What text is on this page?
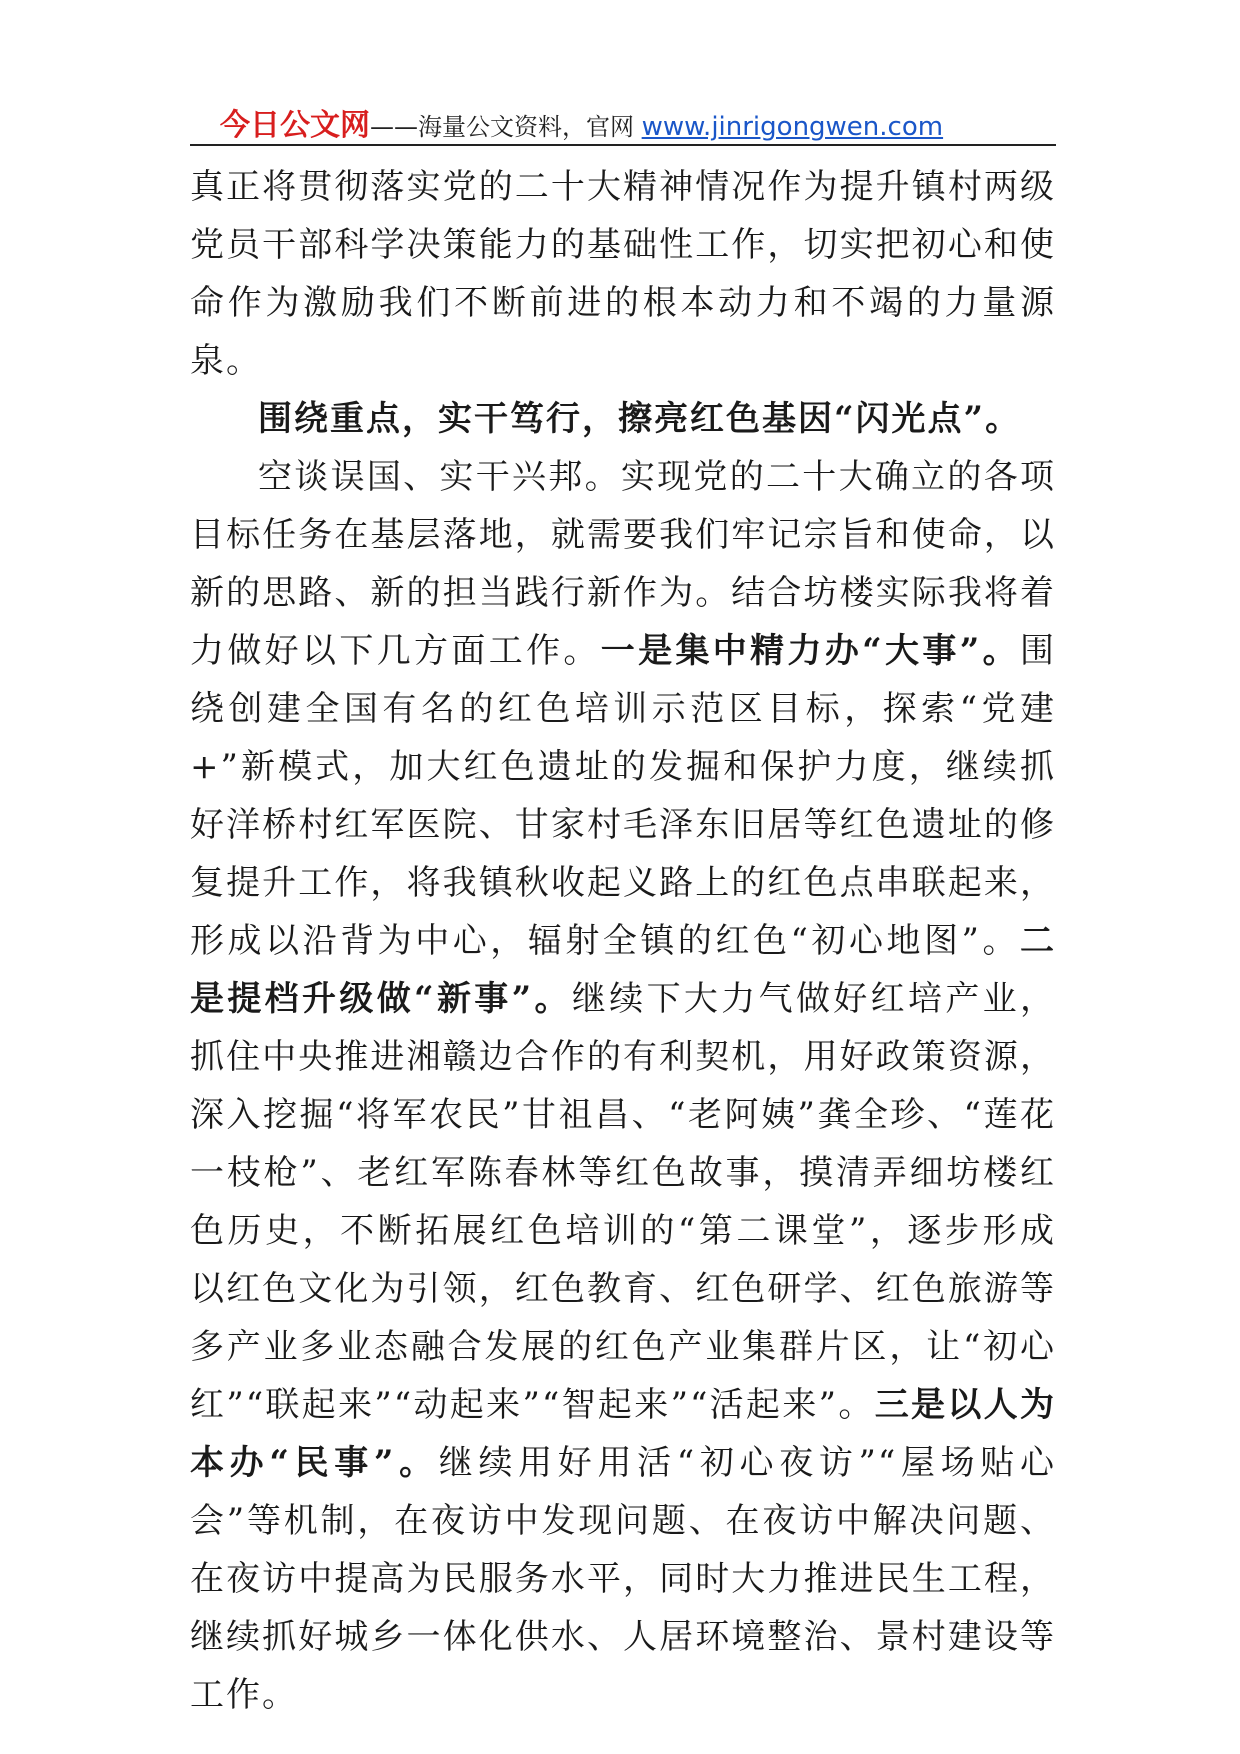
今日公文网——海量公文资料，官网 www.jinrigongwen.com

真正将贯彻落实党的二十大精神情况作为提升镇村两级党员干部科学决策能力的基础性工作，切实把初心和使命作为激励我们不断前进的根本动力和不竭的力量源泉。

围绕重点，实干笃行，擦亮红色基因“闪光点”。

空谈误国、实干兴邦。实现党的二十大确立的各项目标任务在基层落地，就需要我们牢记宗旨和使命，以新的思路、新的担当践行新作为。结合坊楼实际我将着力做好以下几方面工作。一是集中精力办“大事”。围绕创建全国有名的红色培训示范区目标，探索“党建+”新模式，加大红色遗址的发掘和保护力度，继续抓好洋桥村红军医院、甘家村毛泽东旧居等红色遗址的修复提升工作，将我镇秋收起义路上的红色点串联起来，形成以沿背为中心，辐射全镇的红色“初心地图”。二是提档升级做“新事”。继续下大力气做好红培产业，抓住中央推进湘赣边合作的有利契机，用好政策资源，深入挖掘“将军农民”甘祖昌、“老阿姨”龚全珍、“莲花一枝枪”、老红军陈春林等红色故事，摸清弄细坊楼红色历史，不断拓展红色培训的“第二课堂”，逐步形成以红色文化为引领，红色教育、红色研学、红色旅游等多产业多业态融合发展的红色产业集群片区，让“初心红”“联起来”“动起来”“智起来”“活起来”。三是以人为本办“民事”。继续用好用活“初心夜访”“屋场贴心会”等机制，在夜访中发现问题、在夜访中解决问题、在夜访中提高为民服务水平，同时大力推进民生工程，继续抓好城乡一体化供水、人居环境整治、景村建设等工作。
